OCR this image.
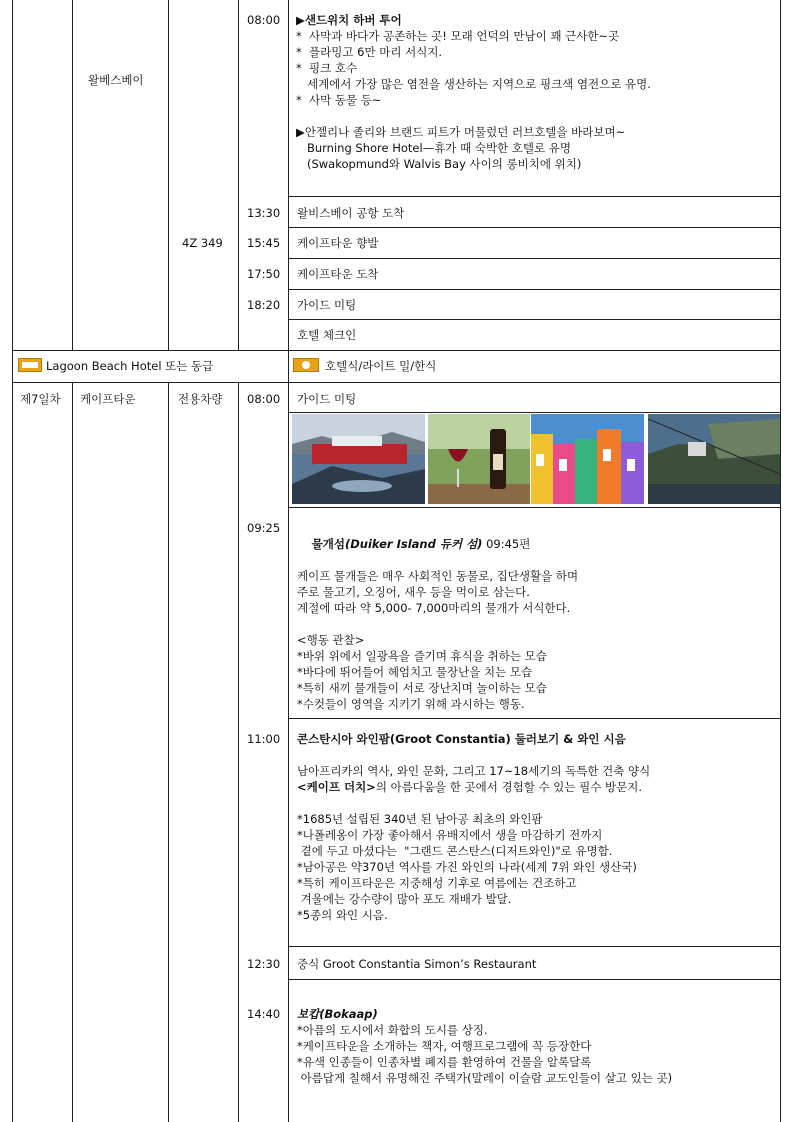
왈베스베이
4Z 349
08:00 ▶샌드위치 하버 투어
*  사막과 바다가 공존하는 곳! 모래 언덕의 만남이 꽤 근사한~곳
*  플라밍고 6만 마리 서식지.
*  핑크 호수
세계에서 가장 많은 염전을 생산하는 지역으로 핑크색 염전으로 유명.
*  사막 동물 등~
▶안젤리나 졸리와 브랜드 피트가 머물렀던 러브호텔을 바라보며~
Burning Shore Hotel—휴가 때 숙박한 호텔로 유명
(Swakopmund와 Walvis Bay 사이의 롱비치에 위치)
13:30 왈비스베이 공항 도착
15:45 케이프타운 향발
17:50 케이프타운 도착
18:20 가이드 미팅
호텔 체크인
Lagoon Beach Hotel 또는 동급	호텔식/라이트 밀/한식
제7일차 케이프타운	전용차량 08:00 가이드 미팅
09:25

물개섬(Duiker Island 듀커 섬) 09:45편

케이프 물개들은 매우 사회적인 동물로, 집단생활을 하며
주로 물고기, 오징어, 새우 등을 먹이로 삼는다.
계절에 따라 약 5,000- 7,000마리의 물개가 서식한다.
<행동 관찰>
*바위 위에서 일광욕을 즐기며 휴식을 취하는 모습
*바다에 뛰어들어 헤엄치고 물장난을 치는 모습
*특히 새끼 물개들이 서로 장난치며 놀이하는 모습
*수컷들이 영역을 지키기 위해 과시하는 행동.
11:00 콘스탄시아 와인팜(Groot Constantia) 둘러보기 & 와인 시음
남아프리카의 역사, 와인 문화, 그리고 17~18세기의 독특한 건축 양식
<케이프 더치>의 아름다움을 한 곳에서 경험할 수 있는 필수 방문지.
*1685년 설립된 340년 된 남아공 최초의 와인팜
*나폴레옹이 가장 좋아해서 유배지에서 생을 마감하기 전까지
곁에 두고 마셨다는  "그랜드 콘스탄스(디저트와인)"로 유명함.
*남아공은 약370년 역사를 가진 와인의 나라(세계 7위 와인 생산국)
*특히 케이프타운은 지중해성 기후로 여름에는 건조하고
겨울에는 강수량이 많아 포도 재배가 발달.
*5종의 와인 시음.
12:30 중식 Groot Constantia Simon’s Restaurant
14:40 보캅(Bokaap)
*아픔의 도시에서 화합의 도시를 상징.
*케이프타운을 소개하는 책자, 여행프로그램에 꼭 등장한다
*유색 인종들이 인종차별 폐지를 환영하여 건물을 알록달록
아름답게 칠해서 유명해진 주택가(말레이 이슬람 교도인들이 살고 있는 곳)
